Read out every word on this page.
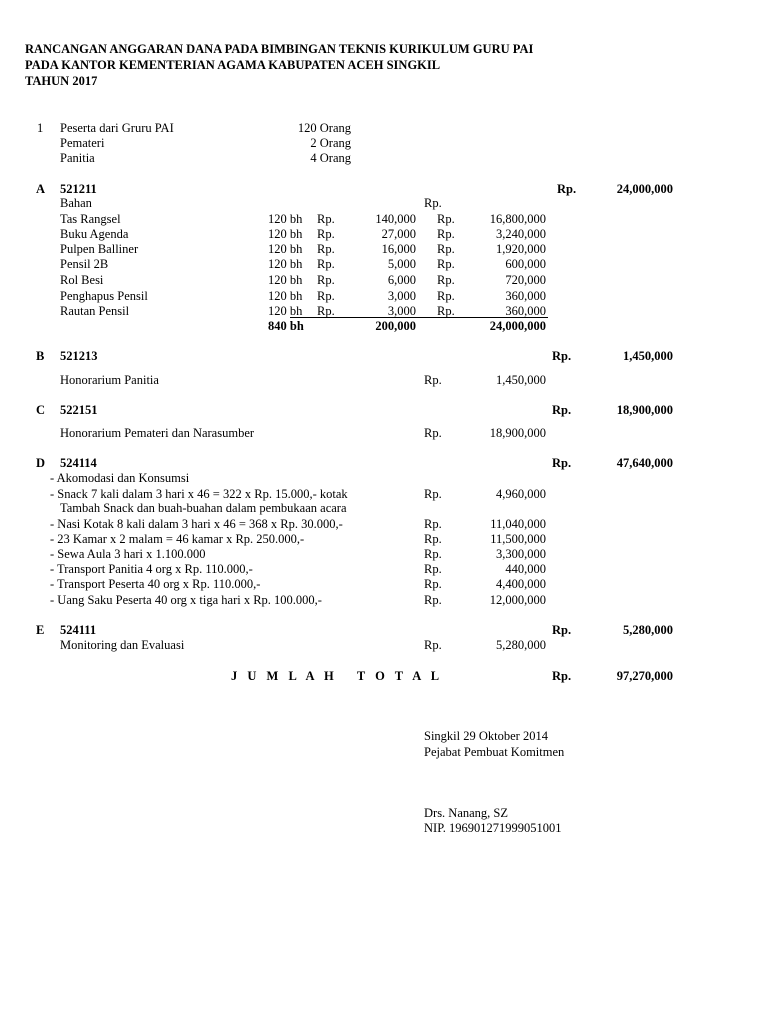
RANCANGAN ANGGARAN DANA PADA BIMBINGAN TEKNIS KURIKULUM GURU PAI
PADA KANTOR KEMENTERIAN AGAMA KABUPATEN ACEH SINGKIL
TAHUN 2017
1 Peserta dari Gruru PAI	120 Orang
Pemateri	2 Orang
Panitia	4 Orang
A 521211	Rp.	24,000,000
Bahan	Rp.
Tas Rangsel	120 bh Rp.	140,000 Rp.	16,800,000
Buku Agenda	120 bh Rp.	27,000 Rp.	3,240,000
Pulpen Balliner	120 bh Rp.	16,000 Rp.	1,920,000
Pensil 2B	120 bh Rp.	5,000 Rp.	600,000
Rol Besi	120 bh Rp.	6,000 Rp.	720,000
Penghapus Pensil	120 bh Rp.	3,000 Rp.	360,000
Rautan Pensil	120 bh Rp.	3,000 Rp.	360,000
840 bh	200,000	24,000,000
B 521213	Rp.	1,450,000
Honorarium Panitia	Rp.	1,450,000
C 522151	Rp.	18,900,000
Honorarium Pemateri dan Narasumber	Rp.	18,900,000
D 524114	Rp.	47,640,000
- Akomodasi dan Konsumsi
- Snack 7 kali dalam 3 hari x 46 = 322 x Rp. 15.000,- kotak	Rp.	4,960,000
Tambah Snack dan buah-buahan dalam pembukaan acara
- Nasi Kotak 8 kali dalam 3 hari x 46 = 368 x Rp. 30.000,-	Rp.	11,040,000
- 23 Kamar x 2 malam = 46 kamar x Rp. 250.000,-	Rp.	11,500,000
- Sewa Aula 3 hari x 1.100.000	Rp.	3,300,000
- Transport Panitia 4 org x Rp. 110.000,-	Rp.	440,000
- Transport Peserta 40 org x Rp. 110.000,-	Rp.	4,400,000
- Uang Saku Peserta 40 org x tiga hari x Rp. 100.000,-	Rp.	12,000,000
E 524111	Rp.	5,280,000
Monitoring dan Evaluasi	Rp.	5,280,000
J U M L A H   T O T A L	Rp.	97,270,000
Singkil 29 Oktober 2014
Pejabat Pembuat Komitmen
Drs. Nanang, SZ
NIP. 196901271999051001
